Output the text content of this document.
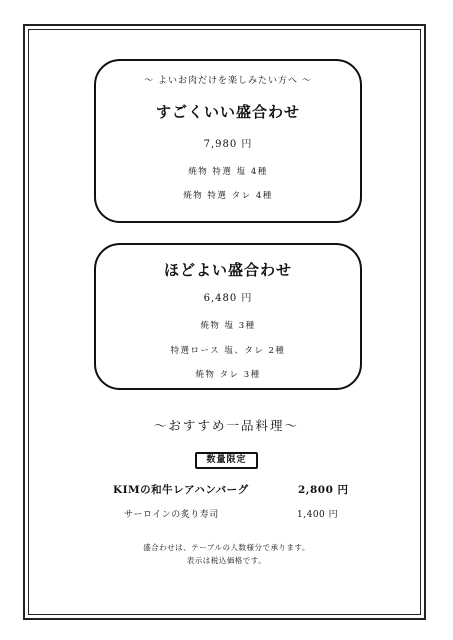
～ よいお肉だけを楽しみたい方へ ～
すごくいい盛合わせ
7,980 円
焼物 特選 塩 4種
焼物 特選 タレ 4種
ほどよい盛合わせ
6,480 円
焼物 塩 3種
特選ロース 塩、タレ 2種
焼物 タレ 3種
～おすすめ一品料理～
数量限定
KIMの和牛レアハンバーグ	2,800 円
サーロインの炙り寿司	1,400 円
盛合わせは、テーブルの人数様分で承ります。
表示は税込価格です。
